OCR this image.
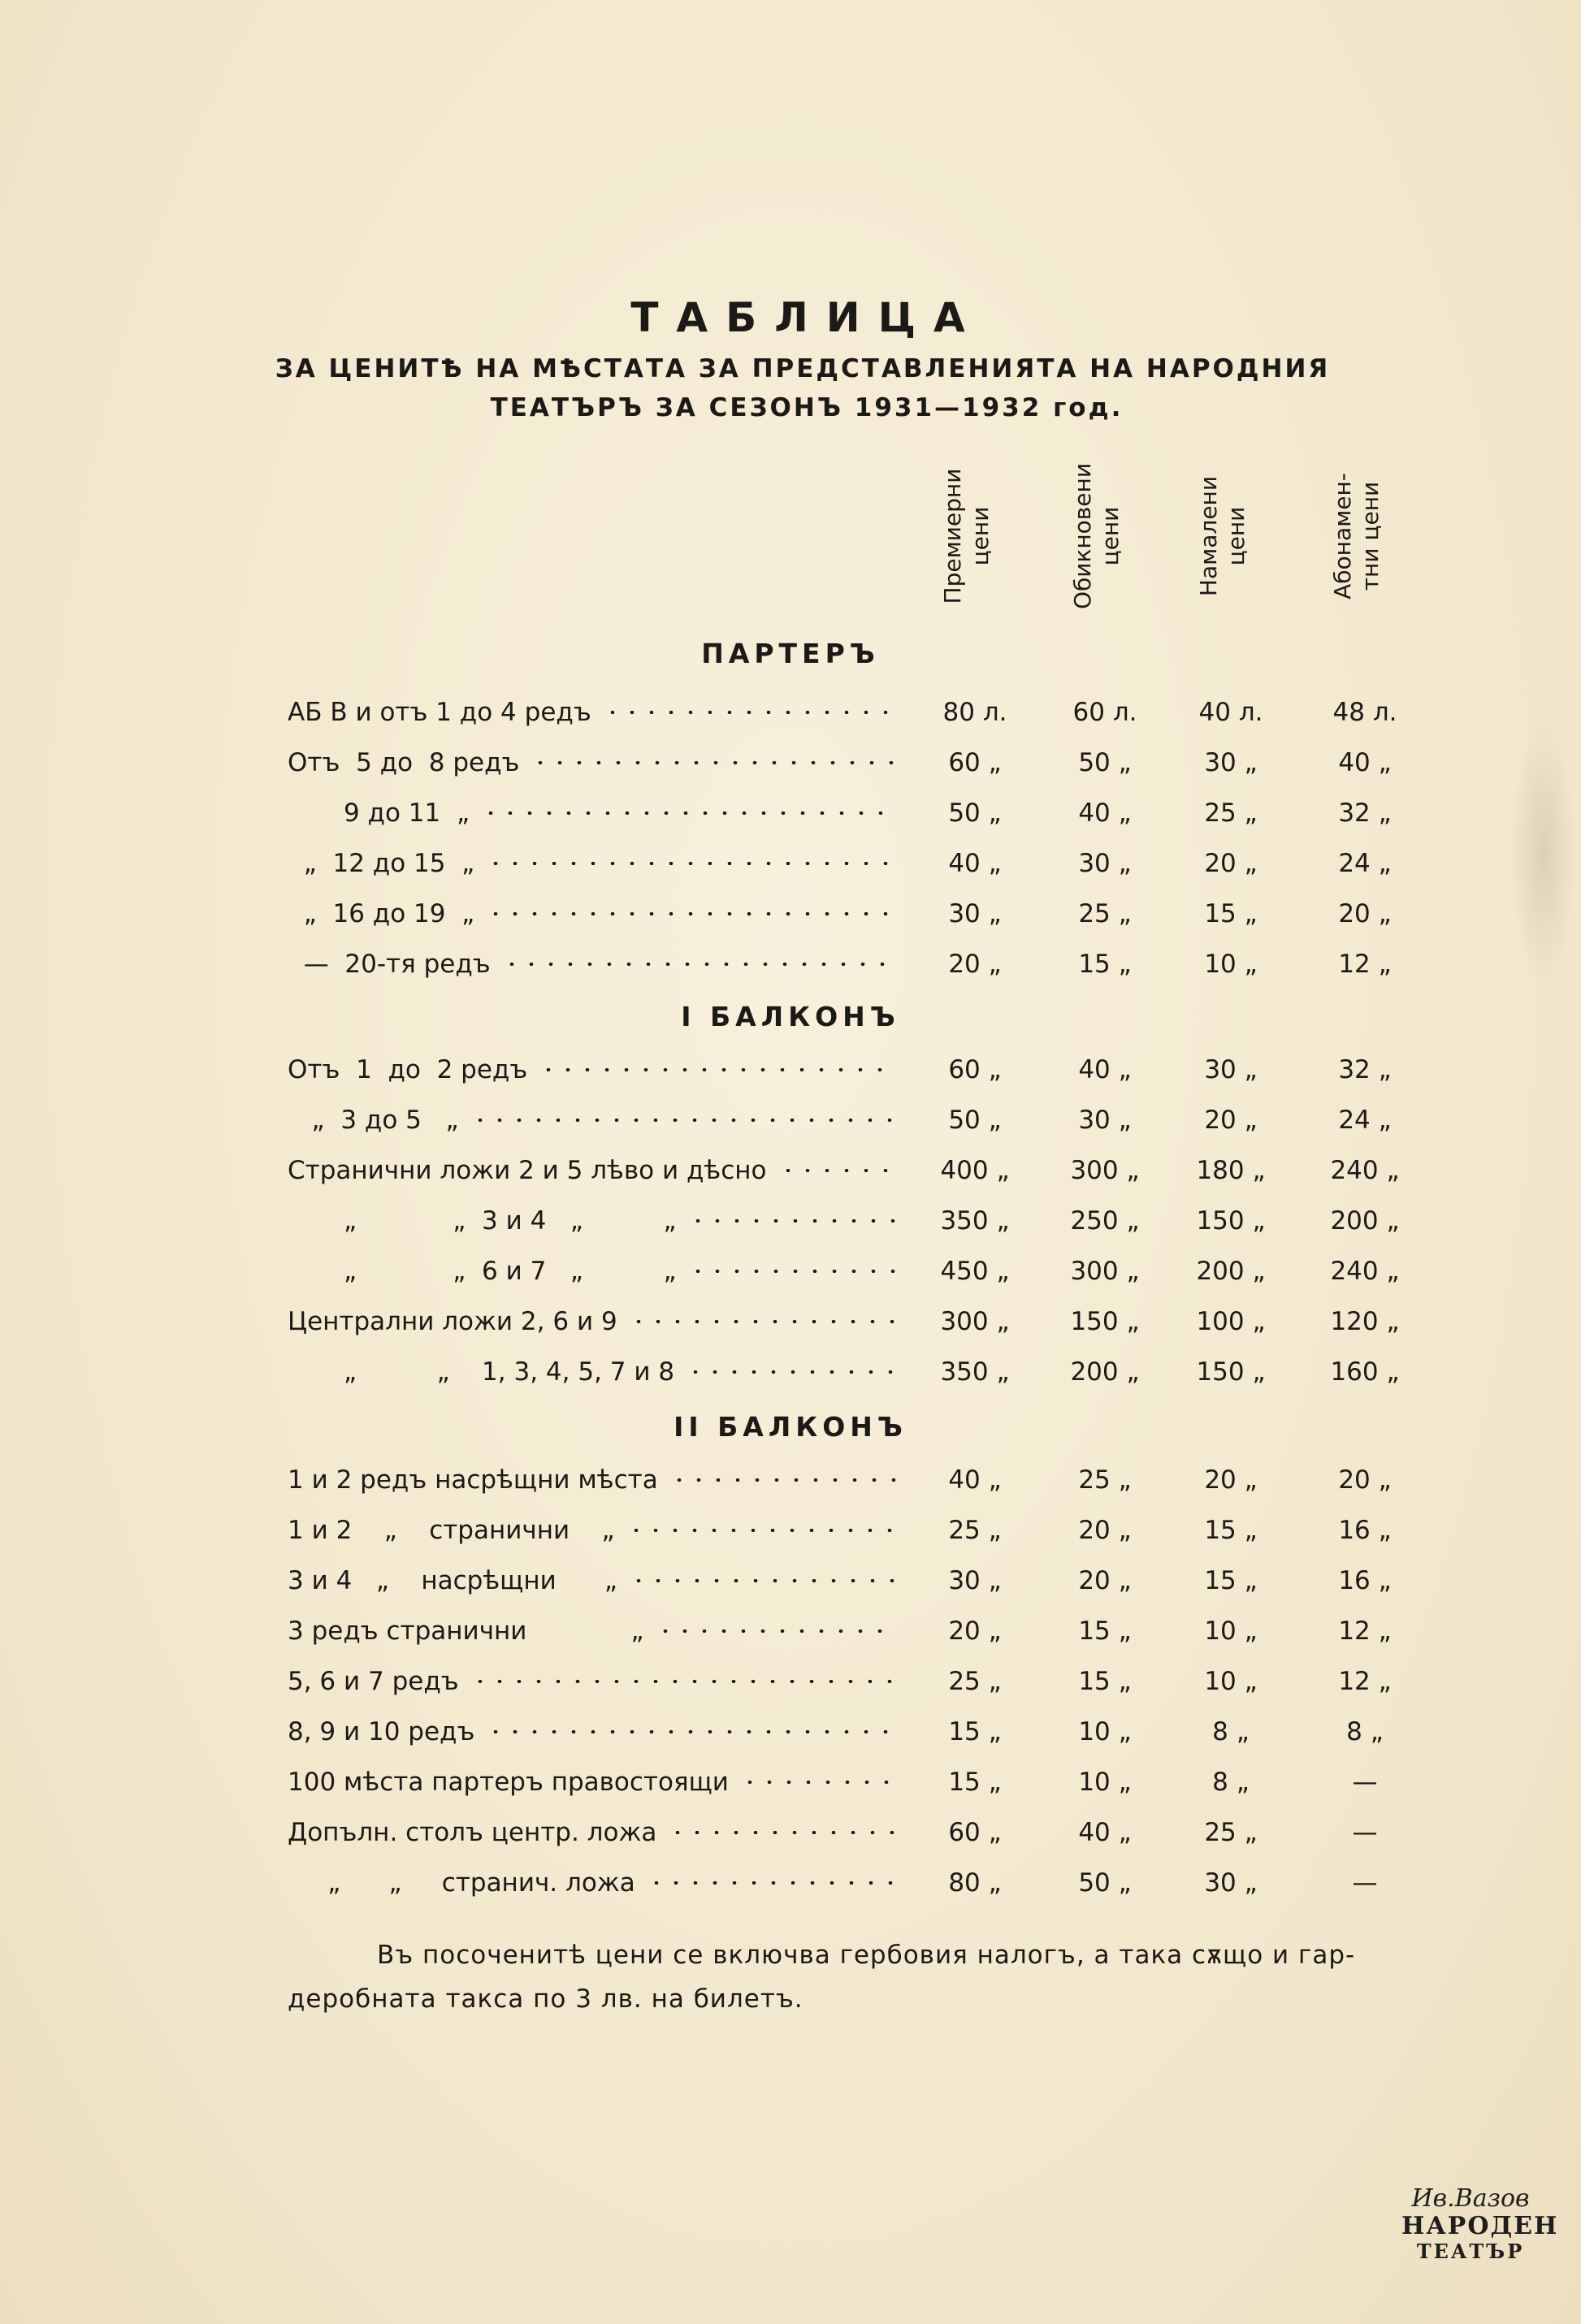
ТАБЛИЦА
ЗА ЦЕНИТѢ НА МѢСТАТА ЗА ПРЕДСТАВЛЕНИЯТА НА НАРОДНИЯ
ТЕАТЪРЪ ЗА СЕЗОНЪ 1931—1932 год.
Премиерни цени	Обикновени цени	Намалени цени	Абонамен- тни цени
ПАРТЕРЪ
АБ В и отъ 1 до 4 редъ	80 л.	60 л.	40 л.	48 л.
Отъ  5 до  8 редъ	60 „	50 „	30 „	40 „
9 до 11  „	50 „	40 „	25 „	32 „
„  12 до 15  „	40 „	30 „	20 „	24 „
„  16 до 19  „	30 „	25 „	15 „	20 „
—  20-тя редъ	20 „	15 „	10 „	12 „
I БАЛКОНЪ
Отъ  1  до  2 редъ	60 „	40 „	30 „	32 „
„  3 до 5   „	50 „	30 „	20 „	24 „
Странични ложи 2 и 5 лѣво и дѣсно	400 „	300 „	180 „	240 „
„            „  3 и 4   „          „	350 „	250 „	150 „	200 „
„            „  6 и 7   „          „	450 „	300 „	200 „	240 „
Централни ложи 2, 6 и 9	300 „	150 „	100 „	120 „
„          „    1, 3, 4, 5, 7 и 8	350 „	200 „	150 „	160 „
II БАЛКОНЪ
1 и 2 редъ насрѣщни мѣста	40 „	25 „	20 „	20 „
1 и 2    „    странични    „	25 „	20 „	15 „	16 „
3 и 4   „    насрѣщни      „	30 „	20 „	15 „	16 „
3 редъ странични             „	20 „	15 „	10 „	12 „
5, 6 и 7 редъ	25 „	15 „	10 „	12 „
8, 9 и 10 редъ	15 „	10 „	8 „	8 „
100 мѣста партеръ правостоящи	15 „	10 „	8 „	—
Допълн. столъ центр. ложа	60 „	40 „	25 „	—
„      „     странич. ложа	80 „	50 „	30 „	—

Въ посоченитѣ цени се включва гербовия налогъ, а така сѫщо и гар-

деробната такса по 3 лв. на билетъ.

Ив.Вазов
НАРОДЕН
ТЕАТЪР
